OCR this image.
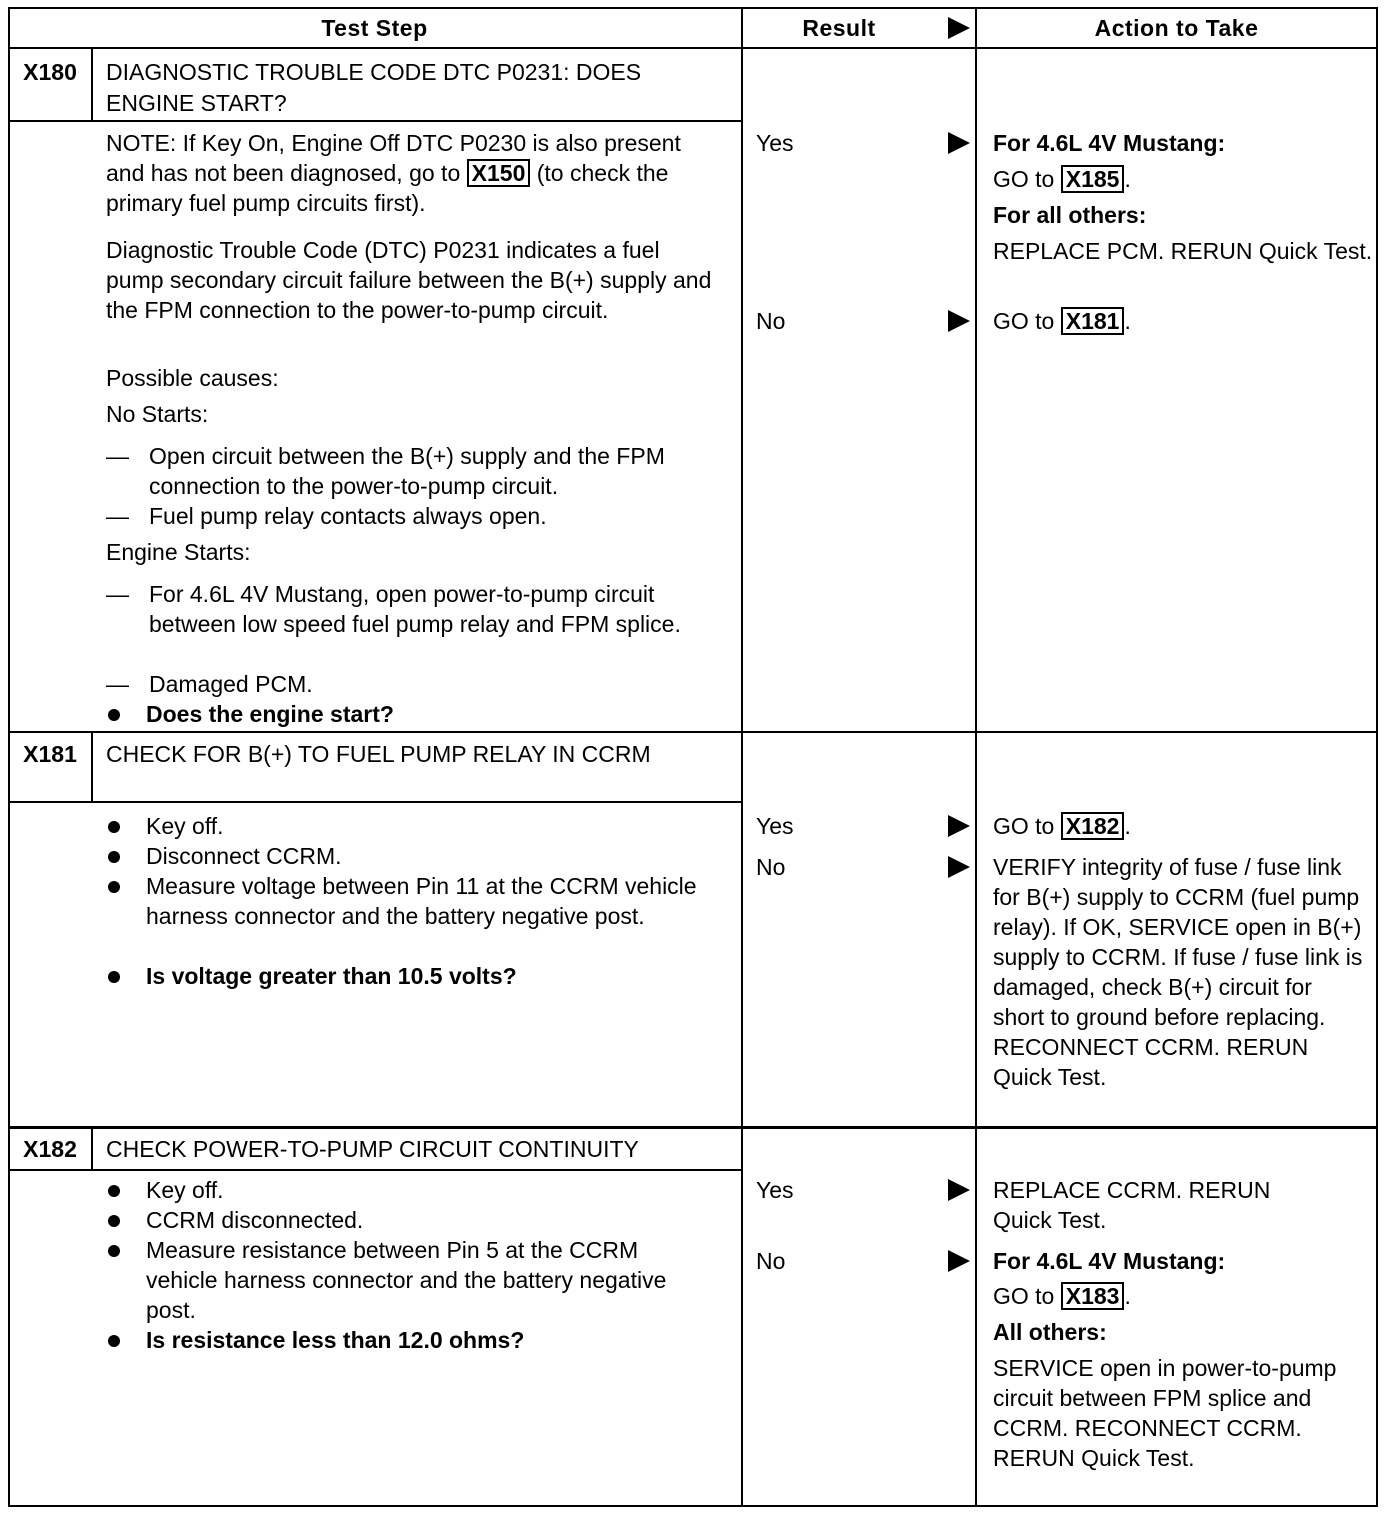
Test Step	Result	Action to Take
X180	DIAGNOSTIC TROUBLE CODE DTC P0231: DOES ENGINE START?
NOTE: If Key On, Engine Off DTC P0230 is also present and has not been diagnosed, go to X150 (to check the primary fuel pump circuits first).
Diagnostic Trouble Code (DTC) P0231 indicates a fuel pump secondary circuit failure between the B(+) supply and the FPM connection to the power-to-pump circuit.
Possible causes:
No Starts:
— Open circuit between the B(+) supply and the FPM connection to the power-to-pump circuit.
— Fuel pump relay contacts always open.
Engine Starts:
— For 4.6L 4V Mustang, open power-to-pump circuit between low speed fuel pump relay and FPM splice.
— Damaged PCM.
Does the engine start?
Yes	For 4.6L 4V Mustang:
GO to X185 .
For all others:
REPLACE PCM. RERUN Quick Test.
No	GO to X181 .
X181	CHECK FOR B(+) TO FUEL PUMP RELAY IN CCRM
Key off.
Disconnect CCRM.
Measure voltage between Pin 11 at the CCRM vehicle harness connector and the battery negative post.
Is voltage greater than 10.5 volts?
Yes	GO to X182 .
No	VERIFY integrity of fuse / fuse link for B(+) supply to CCRM (fuel pump relay). If OK, SERVICE open in B(+) supply to CCRM. If fuse / fuse link is damaged, check B(+) circuit for short to ground before replacing. RECONNECT CCRM. RERUN Quick Test.
X182	CHECK POWER-TO-PUMP CIRCUIT CONTINUITY
Key off.
CCRM disconnected.
Measure resistance between Pin 5 at the CCRM vehicle harness connector and the battery negative post.
Is resistance less than 12.0 ohms?
Yes	REPLACE CCRM. RERUN Quick Test.
No	For 4.6L 4V Mustang:
GO to X183 .
All others:
SERVICE open in power-to-pump circuit between FPM splice and CCRM. RECONNECT CCRM. RERUN Quick Test.
